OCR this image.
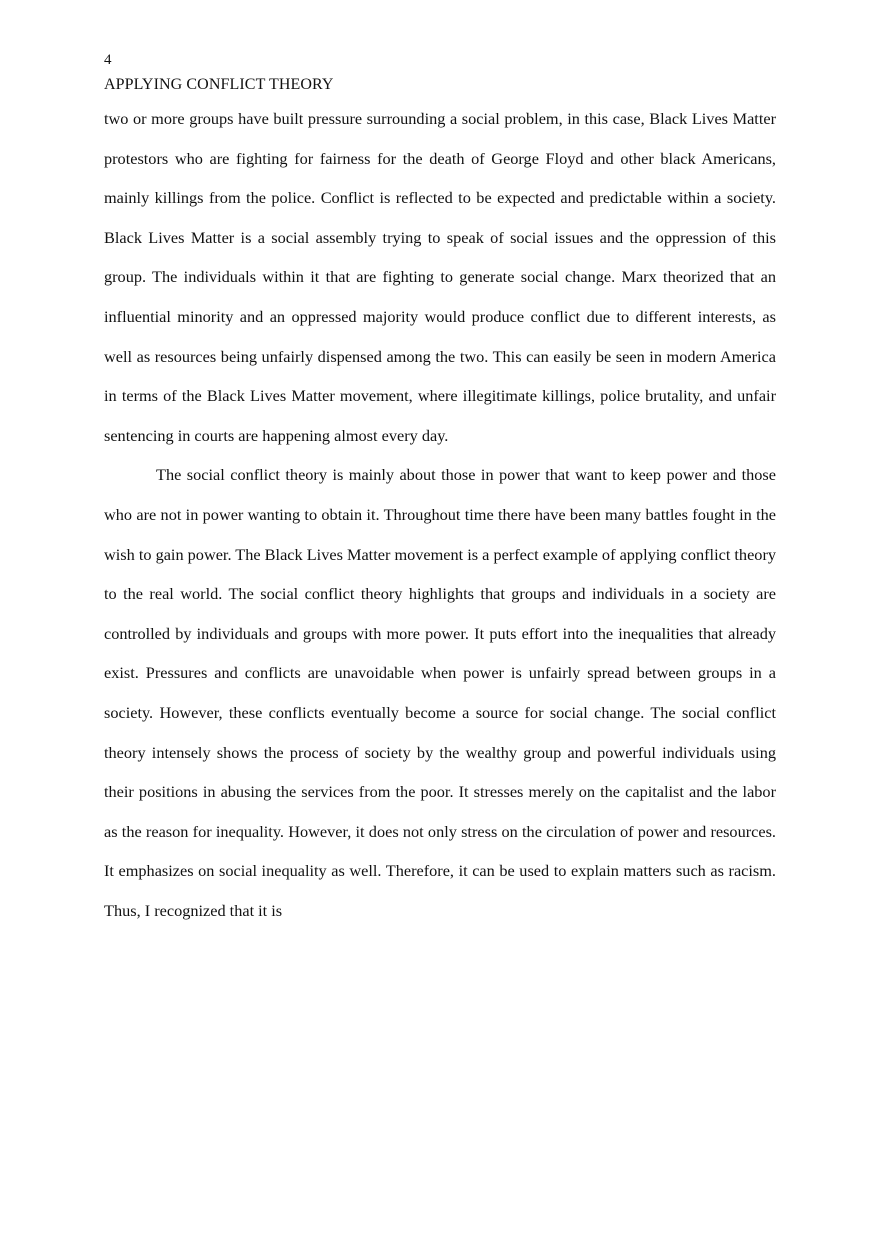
4
APPLYING CONFLICT THEORY

two or more groups have built pressure surrounding a social problem, in this case, Black Lives Matter protestors who are fighting for fairness for the death of George Floyd and other black Americans, mainly killings from the police. Conflict is reflected to be expected and predictable within a society. Black Lives Matter is a social assembly trying to speak of social issues and the oppression of this group. The individuals within it that are fighting to generate social change. Marx theorized that an influential minority and an oppressed majority would produce conflict due to different interests, as well as resources being unfairly dispensed among the two. This can easily be seen in modern America in terms of the Black Lives Matter movement, where illegitimate killings, police brutality, and unfair sentencing in courts are happening almost every day.

The social conflict theory is mainly about those in power that want to keep power and those who are not in power wanting to obtain it. Throughout time there have been many battles fought in the wish to gain power. The Black Lives Matter movement is a perfect example of applying conflict theory to the real world. The social conflict theory highlights that groups and individuals in a society are controlled by individuals and groups with more power. It puts effort into the inequalities that already exist. Pressures and conflicts are unavoidable when power is unfairly spread between groups in a society. However, these conflicts eventually become a source for social change. The social conflict theory intensely shows the process of society by the wealthy group and powerful individuals using their positions in abusing the services from the poor. It stresses merely on the capitalist and the labor as the reason for inequality. However, it does not only stress on the circulation of power and resources. It emphasizes on social inequality as well. Therefore, it can be used to explain matters such as racism. Thus, I recognized that it is
